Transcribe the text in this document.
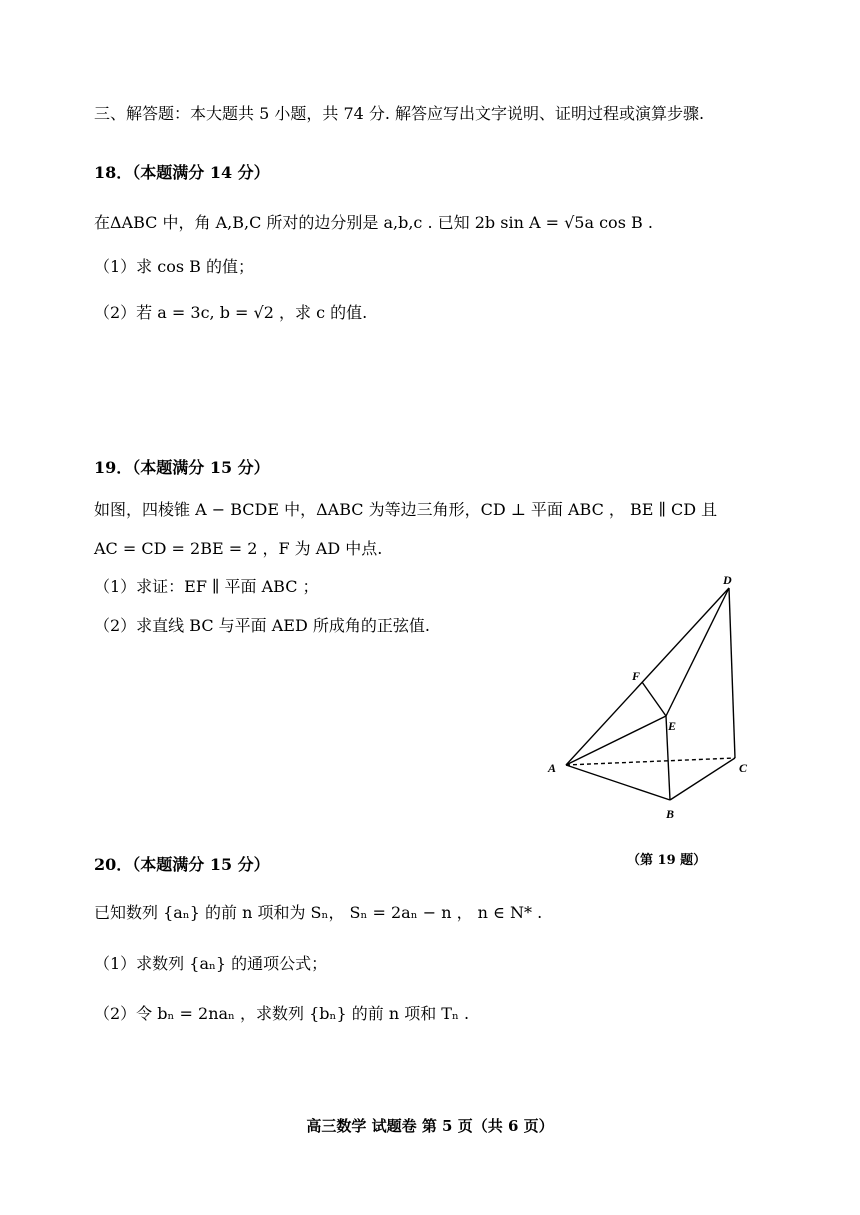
三、解答题：本大题共 5 小题，共 74 分. 解答应写出文字说明、证明过程或演算步骤.
18．（本题满分 14 分）
在ΔABC 中，角 A,B,C 所对的边分别是 a,b,c . 已知 2b sin A = √5a cos B .
（1）求 cos B 的值；
（2）若 a = 3c, b = √2 ，求 c 的值.
19．（本题满分 15 分）
如图，四棱锥 A − BCDE 中，ΔABC 为等边三角形，CD ⊥ 平面 ABC ， BE ∥ CD 且
AC = CD = 2BE = 2 ，F 为 AD 中点.
（1）求证：EF ∥ 平面 ABC ；
（2）求直线 BC 与平面 AED 所成角的正弦值.
D
F
E
A	C
B
（第 19 题）
20．（本题满分 15 分）
已知数列 {aₙ} 的前 n 项和为 Sₙ， Sₙ = 2aₙ − n ， n ∈ N* .
（1）求数列 {aₙ} 的通项公式；
（2）令 bₙ = 2naₙ ，求数列 {bₙ} 的前 n 项和 Tₙ .
高三数学 试题卷 第 5 页（共 6 页）
